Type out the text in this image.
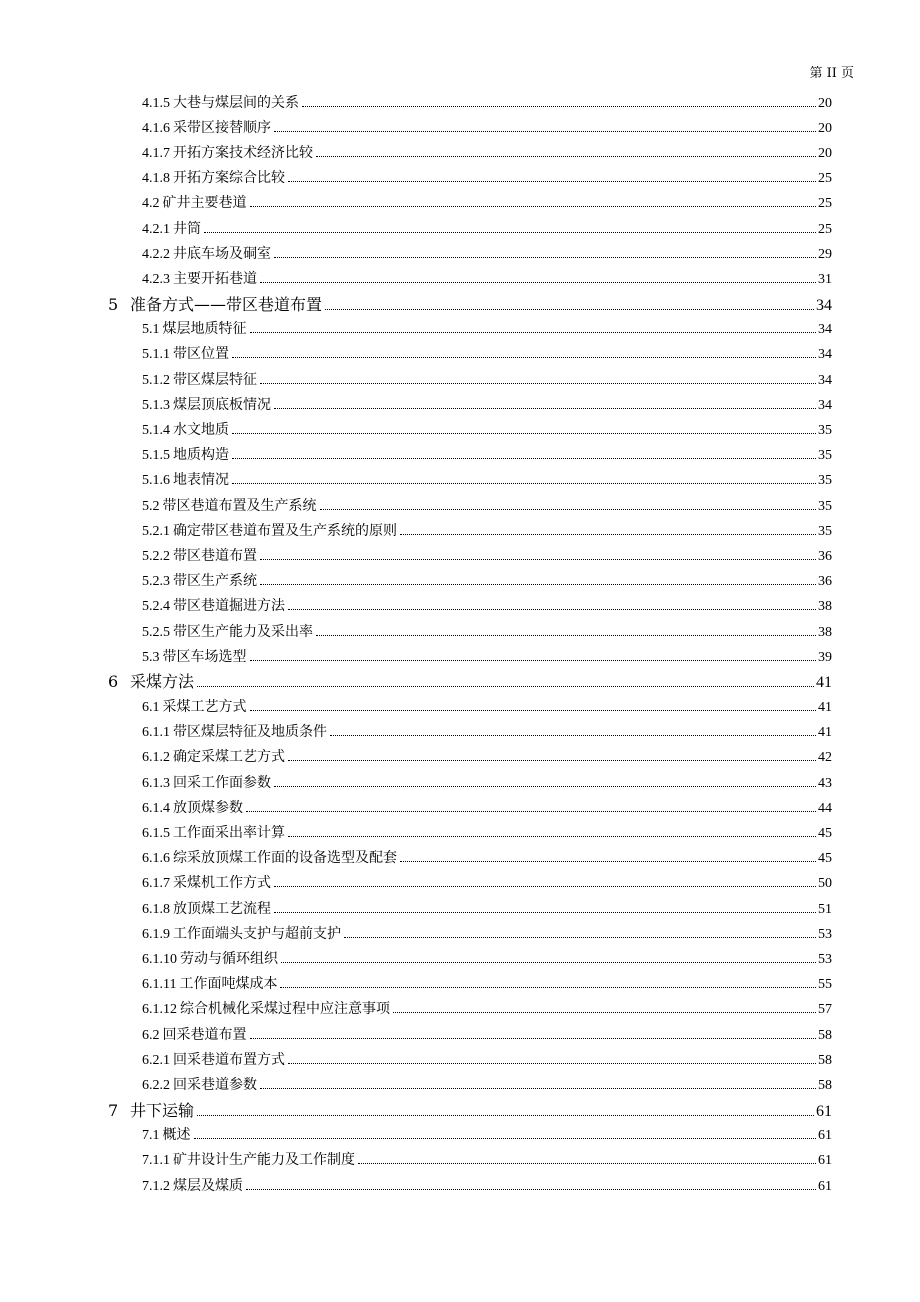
第 II 页
4.1.5 大巷与煤层间的关系	20
4.1.6 采带区接替顺序	20
4.1.7 开拓方案技术经济比较	20
4.1.8 开拓方案综合比较	25
4.2 矿井主要巷道	25
4.2.1 井筒	25
4.2.2 井底车场及硐室	29
4.2.3 主要开拓巷道	31
5 准备方式——带区巷道布置	34
5.1 煤层地质特征	34
5.1.1 带区位置	34
5.1.2 带区煤层特征	34
5.1.3 煤层顶底板情况	34
5.1.4 水文地质	35
5.1.5 地质构造	35
5.1.6 地表情况	35
5.2 带区巷道布置及生产系统	35
5.2.1 确定带区巷道布置及生产系统的原则	35
5.2.2 带区巷道布置	36
5.2.3 带区生产系统	36
5.2.4 带区巷道掘进方法	38
5.2.5 带区生产能力及采出率	38
5.3 带区车场选型	39
6 采煤方法	41
6.1 采煤工艺方式	41
6.1.1 带区煤层特征及地质条件	41
6.1.2 确定采煤工艺方式	42
6.1.3 回采工作面参数	43
6.1.4 放顶煤参数	44
6.1.5 工作面采出率计算	45
6.1.6 综采放顶煤工作面的设备选型及配套	45
6.1.7 采煤机工作方式	50
6.1.8 放顶煤工艺流程	51
6.1.9 工作面端头支护与超前支护	53
6.1.10 劳动与循环组织	53
6.1.11 工作面吨煤成本	55
6.1.12 综合机械化采煤过程中应注意事项	57
6.2 回采巷道布置	58
6.2.1 回采巷道布置方式	58
6.2.2 回采巷道参数	58
7 井下运输	61
7.1 概述	61
7.1.1 矿井设计生产能力及工作制度	61
7.1.2 煤层及煤质	61
